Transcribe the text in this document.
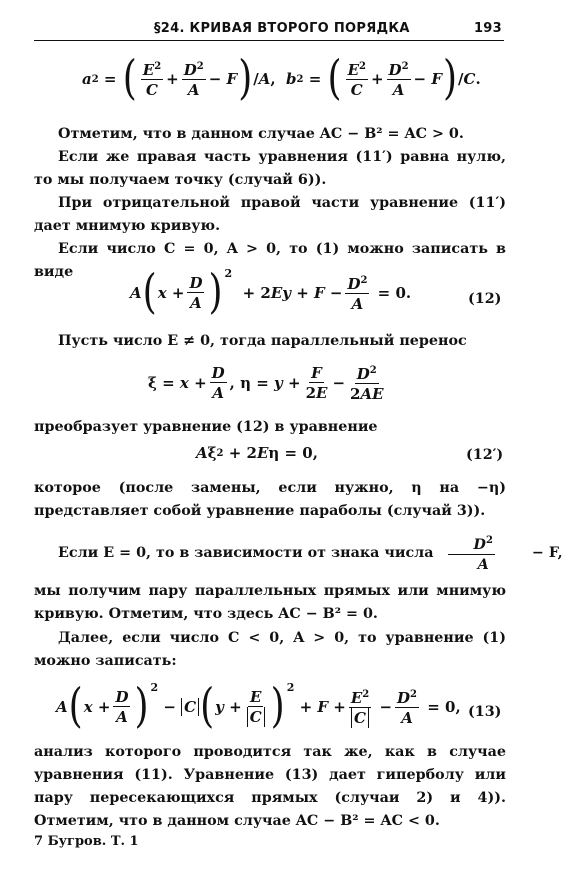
§24. КРИВАЯ ВТОРОГО ПОРЯДКА	193
a 2 = ( $\frac{E^2}{C} + \frac{D^2}{A} - F$ ) / A , b 2 = ( $\frac{E^2}{C} + \frac{D^2}{A} - F$ ) / C .
Отметим, что в данном случае AC − B² = AC > 0.
Если же правая часть уравнения (11′) равна нулю, то мы получаем точку (случай 6)).
При отрицательной правой части уравнение (11′) дает мнимую кривую.
Если число C = 0, A > 0, то (1) можно записать в виде
A ( $x + \frac{D}{A}$ ) 2
+ 2 $Ey + F - \frac{D^2}{A} = 0$.	(12)
Пусть число E ≠ 0, тогда параллельный перенос
$\xi = x + \frac{D}{A}$ , $\eta = y + \frac{F}{2E} - \frac{D^2}{2AE}$
преобразует уравнение (12) в уравнение
A ξ 2 + 2 E η = 0,	(12′)
которое (после замены, если нужно, η на −η) представляет собой уравнение параболы (случай 3)).
Если E = 0, то в зависимости от знака числа $\frac{D^2}{A}$	− F,
мы получим пару параллельных прямых или мнимую кривую. Отметим, что здесь AC − B² = 0.
Далее, если число C < 0, A > 0, то уравнение (1) можно записать:
A ( $x + \frac{D}{A}$ ) 2
− C ( $y + \frac{E}{C}$ ) 2
+ $F + \frac{E^2}{C} - \frac{D^2}{A} = 0$, (13)
анализ которого проводится так же, как в случае уравнения (11). Уравнение (13) дает гиперболу или пару пересекающихся прямых (случаи 2) и 4)). Отметим, что в данном случае AC − B² = AC < 0.
7 Бугров. Т. 1
